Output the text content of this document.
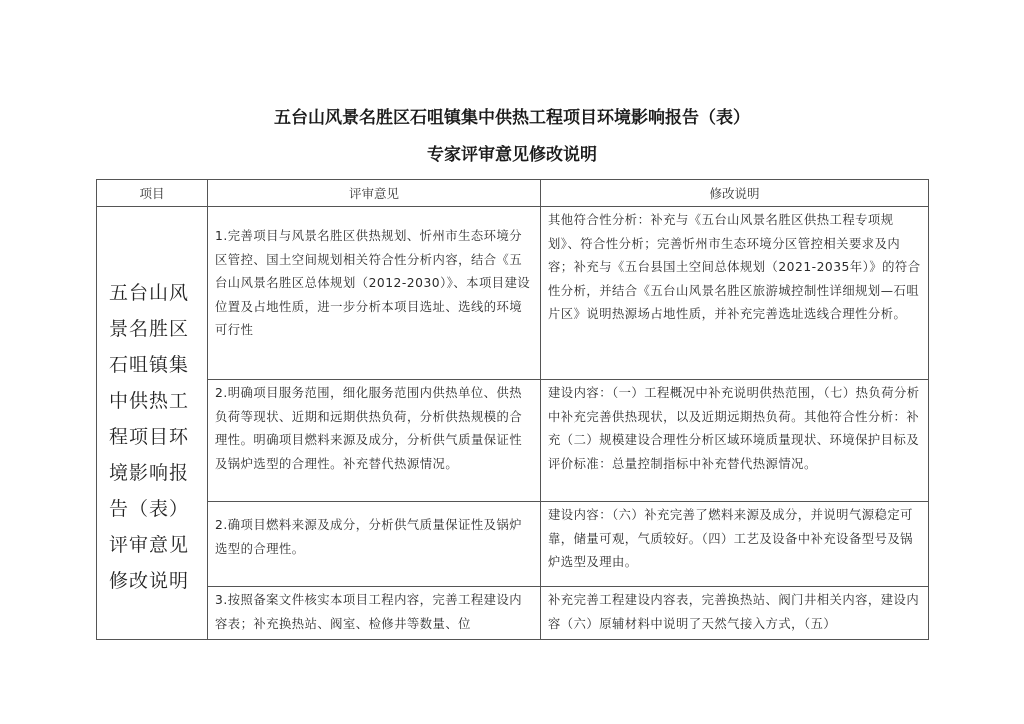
五台山风景名胜区石咀镇集中供热工程项目环境影响报告（表）
专家评审意见修改说明
项目	评审意见	修改说明
五台山风景名胜区石咀镇集中供热工程项目环境影响报告（表）评审意见修改说明	1.完善项目与风景名胜区供热规划、忻州市生态环境分区管控、国土空间规划相关符合性分析内容，结合《五台山风景名胜区总体规划（2012-2030）》、本项目建设位置及占地性质，进一步分析本项目选址、选线的环境可行性	其他符合性分析：补充与《五台山风景名胜区供热工程专项规划》、符合性分析；完善忻州市生态环境分区管控相关要求及内容；补充与《五台县国土空间总体规划（2021-2035年）》的符合性分析，并结合《五台山风景名胜区旅游城控制性详细规划—石咀片区》说明热源场占地性质，并补充完善选址选线合理性分析。

	2.明确项目服务范围，细化服务范围内供热单位、供热负荷等现状、近期和远期供热负荷，分析供热规模的合理性。明确项目燃料来源及成分，分析供气质量保证性及锅炉选型的合理性。补充替代热源情况。	建设内容：（一）工程概况中补充说明供热范围，（七）热负荷分析中补充完善供热现状，以及近期远期热负荷。其他符合性分析：补充（二）规模建设合理性分析区域环境质量现状、环境保护目标及评价标准：总量控制指标中补充替代热源情况。

	2.确项目燃料来源及成分，分析供气质量保证性及锅炉选型的合理性。	建设内容：（六）补充完善了燃料来源及成分，并说明气源稳定可靠，储量可观，气质较好。（四）工艺及设备中补充设备型号及锅炉选型及理由。

	3.按照备案文件核实本项目工程内容，完善工程建设内容表；补充换热站、阀室、检修井等数量、位	补充完善工程建设内容表，完善换热站、阀门井相关内容，建设内容（六）原辅材料中说明了天然气接入方式，（五）
